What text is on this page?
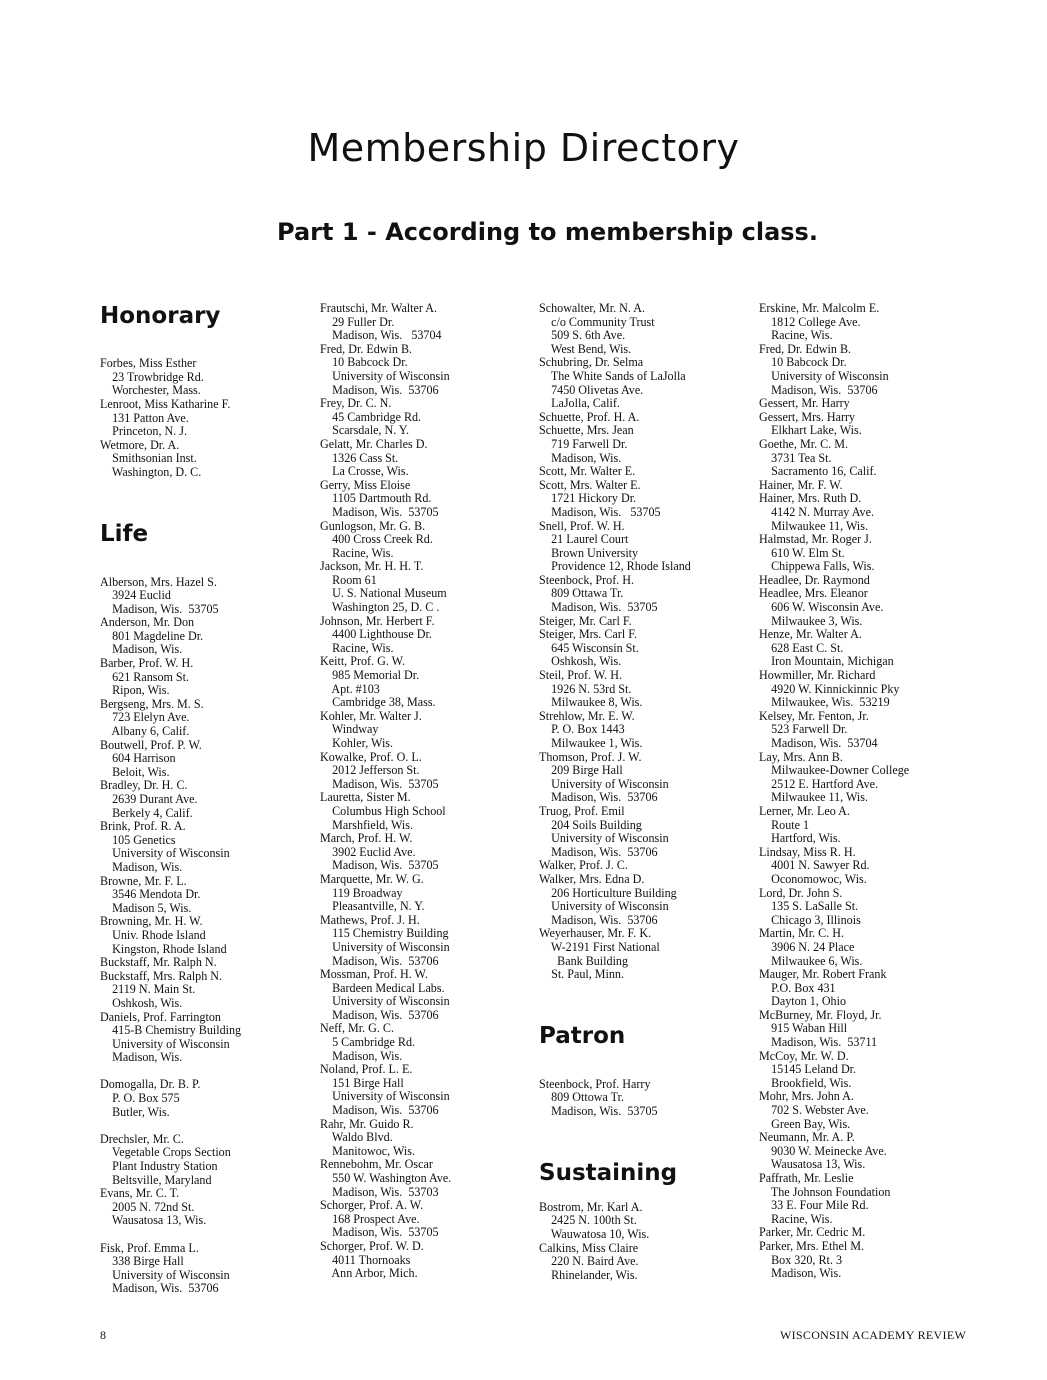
Membership Directory
Part 1 - According to membership class.
Honorary
Forbes, Miss Esther
23 Trowbridge Rd.
Worchester, Mass.
Lenroot, Miss Katharine F.
131 Patton Ave.
Princeton, N. J.
Wetmore, Dr. A.
Smithsonian Inst.
Washington, D. C.
Life
Alberson, Mrs. Hazel S.
3924 Euclid
Madison, Wis.  53705
Anderson, Mr. Don
801 Magdeline Dr.
Madison, Wis.
Barber, Prof. W. H.
621 Ransom St.
Ripon, Wis.
Bergseng, Mrs. M. S.
723 Elelyn Ave.
Albany 6, Calif.
Boutwell, Prof. P. W.
604 Harrison
Beloit, Wis.
Bradley, Dr. H. C.
2639 Durant Ave.
Berkely 4, Calif.
Brink, Prof. R. A.
105 Genetics
University of Wisconsin
Madison, Wis.
Browne, Mr. F. L.
3546 Mendota Dr.
Madison 5, Wis.
Browning, Mr. H. W.
Univ. Rhode Island
Kingston, Rhode Island
Buckstaff, Mr. Ralph N.
Buckstaff, Mrs. Ralph N.
2119 N. Main St.
Oshkosh, Wis.
Daniels, Prof. Farrington
415-B Chemistry Building
University of Wisconsin
Madison, Wis.
Domogalla, Dr. B. P.
P. O. Box 575
Butler, Wis.
Drechsler, Mr. C.
Vegetable Crops Section
Plant Industry Station
Beltsville, Maryland
Evans, Mr. C. T.
2005 N. 72nd St.
Wausatosa 13, Wis.
Fisk, Prof. Emma L.
338 Birge Hall
University of Wisconsin
Madison, Wis.  53706
Frautschi, Mr. Walter A.
29 Fuller Dr.
Madison, Wis.   53704
Fred, Dr. Edwin B.
10 Babcock Dr.
University of Wisconsin
Madison, Wis.  53706
Frey, Dr. C. N.
45 Cambridge Rd.
Scarsdale, N. Y.
Gelatt, Mr. Charles D.
1326 Cass St.
La Crosse, Wis.
Gerry, Miss Eloise
1105 Dartmouth Rd.
Madison, Wis.  53705
Gunlogson, Mr. G. B.
400 Cross Creek Rd.
Racine, Wis.
Jackson, Mr. H. H. T.
Room 61
U. S. National Museum
Washington 25, D. C .
Johnson, Mr. Herbert F.
4400 Lighthouse Dr.
Racine, Wis.
Keitt, Prof. G. W.
985 Memorial Dr.
Apt. #103
Cambridge 38, Mass.
Kohler, Mr. Walter J.
Windway
Kohler, Wis.
Kowalke, Prof. O. L.
2012 Jefferson St.
Madison, Wis.  53705
Lauretta, Sister M.
Columbus High School
Marshfield, Wis.
March, Prof. H. W.
3902 Euclid Ave.
Madison, Wis.  53705
Marquette, Mr. W. G.
119 Broadway
Pleasantville, N. Y.
Mathews, Prof. J. H.
115 Chemistry Building
University of Wisconsin
Madison, Wis.  53706
Mossman, Prof. H. W.
Bardeen Medical Labs.
University of Wisconsin
Madison, Wis.  53706
Neff, Mr. G. C.
5 Cambridge Rd.
Madison, Wis.
Noland, Prof. L. E.
151 Birge Hall
University of Wisconsin
Madison, Wis.  53706
Rahr, Mr. Guido R.
Waldo Blvd.
Manitowoc, Wis.
Rennebohm, Mr. Oscar
550 W. Washington Ave.
Madison, Wis.  53703
Schorger, Prof. A. W.
168 Prospect Ave.
Madison, Wis.  53705
Schorger, Prof. W. D.
4011 Thornoaks
Ann Arbor, Mich.
Schowalter, Mr. N. A.
c/o Community Trust
509 S. 6th Ave.
West Bend, Wis.
Schubring, Dr. Selma
The White Sands of LaJolla
7450 Olivetas Ave.
LaJolla, Calif.
Schuette, Prof. H. A.
Schuette, Mrs. Jean
719 Farwell Dr.
Madison, Wis.
Scott, Mr. Walter E.
Scott, Mrs. Walter E.
1721 Hickory Dr.
Madison, Wis.   53705
Snell, Prof. W. H.
21 Laurel Court
Brown University
Providence 12, Rhode Island
Steenbock, Prof. H.
809 Ottawa Tr.
Madison, Wis.  53705
Steiger, Mr. Carl F.
Steiger, Mrs. Carl F.
645 Wisconsin St.
Oshkosh, Wis.
Steil, Prof. W. H.
1926 N. 53rd St.
Milwaukee 8, Wis.
Strehlow, Mr. E. W.
P. O. Box 1443
Milwaukee 1, Wis.
Thomson, Prof. J. W.
209 Birge Hall
University of Wisconsin
Madison, Wis.  53706
Truog, Prof. Emil
204 Soils Building
University of Wisconsin
Madison, Wis.  53706
Walker, Prof. J. C.
Walker, Mrs. Edna D.
206 Horticulture Building
University of Wisconsin
Madison, Wis.  53706
Weyerhauser, Mr. F. K.
W-2191 First National
Bank Building
St. Paul, Minn.
Patron
Steenbock, Prof. Harry
809 Ottowa Tr.
Madison, Wis.  53705
Sustaining
Bostrom, Mr. Karl A.
2425 N. 100th St.
Wauwatosa 10, Wis.
Calkins, Miss Claire
220 N. Baird Ave.
Rhinelander, Wis.
Erskine, Mr. Malcolm E.
1812 College Ave.
Racine, Wis.
Fred, Dr. Edwin B.
10 Babcock Dr.
University of Wisconsin
Madison, Wis.  53706
Gessert, Mr. Harry
Gessert, Mrs. Harry
Elkhart Lake, Wis.
Goethe, Mr. C. M.
3731 Tea St.
Sacramento 16, Calif.
Hainer, Mr. F. W.
Hainer, Mrs. Ruth D.
4142 N. Murray Ave.
Milwaukee 11, Wis.
Halmstad, Mr. Roger J.
610 W. Elm St.
Chippewa Falls, Wis.
Headlee, Dr. Raymond
Headlee, Mrs. Eleanor
606 W. Wisconsin Ave.
Milwaukee 3, Wis.
Henze, Mr. Walter A.
628 East C. St.
Iron Mountain, Michigan
Howmiller, Mr. Richard
4920 W. Kinnickinnic Pky
Milwaukee, Wis.  53219
Kelsey, Mr. Fenton, Jr.
523 Farwell Dr.
Madison, Wis.  53704
Lay, Mrs. Ann B.
Milwaukee-Downer College
2512 E. Hartford Ave.
Milwaukee 11, Wis.
Lerner, Mr. Leo A.
Route 1
Hartford, Wis.
Lindsay, Miss R. H.
4001 N. Sawyer Rd.
Oconomowoc, Wis.
Lord, Dr. John S.
135 S. LaSalle St.
Chicago 3, Illinois
Martin, Mr. C. H.
3906 N. 24 Place
Milwaukee 6, Wis.
Mauger, Mr. Robert Frank
P.O. Box 431
Dayton 1, Ohio
McBurney, Mr. Floyd, Jr.
915 Waban Hill
Madison, Wis.  53711
McCoy, Mr. W. D.
15145 Leland Dr.
Brookfield, Wis.
Mohr, Mrs. John A.
702 S. Webster Ave.
Green Bay, Wis.
Neumann, Mr. A. P.
9030 W. Meinecke Ave.
Wausatosa 13, Wis.
Paffrath, Mr. Leslie
The Johnson Foundation
33 E. Four Mile Rd.
Racine, Wis.
Parker, Mr. Cedric M.
Parker, Mrs. Ethel M.
Box 320, Rt. 3
Madison, Wis.
8	WISCONSIN ACADEMY REVIEW
